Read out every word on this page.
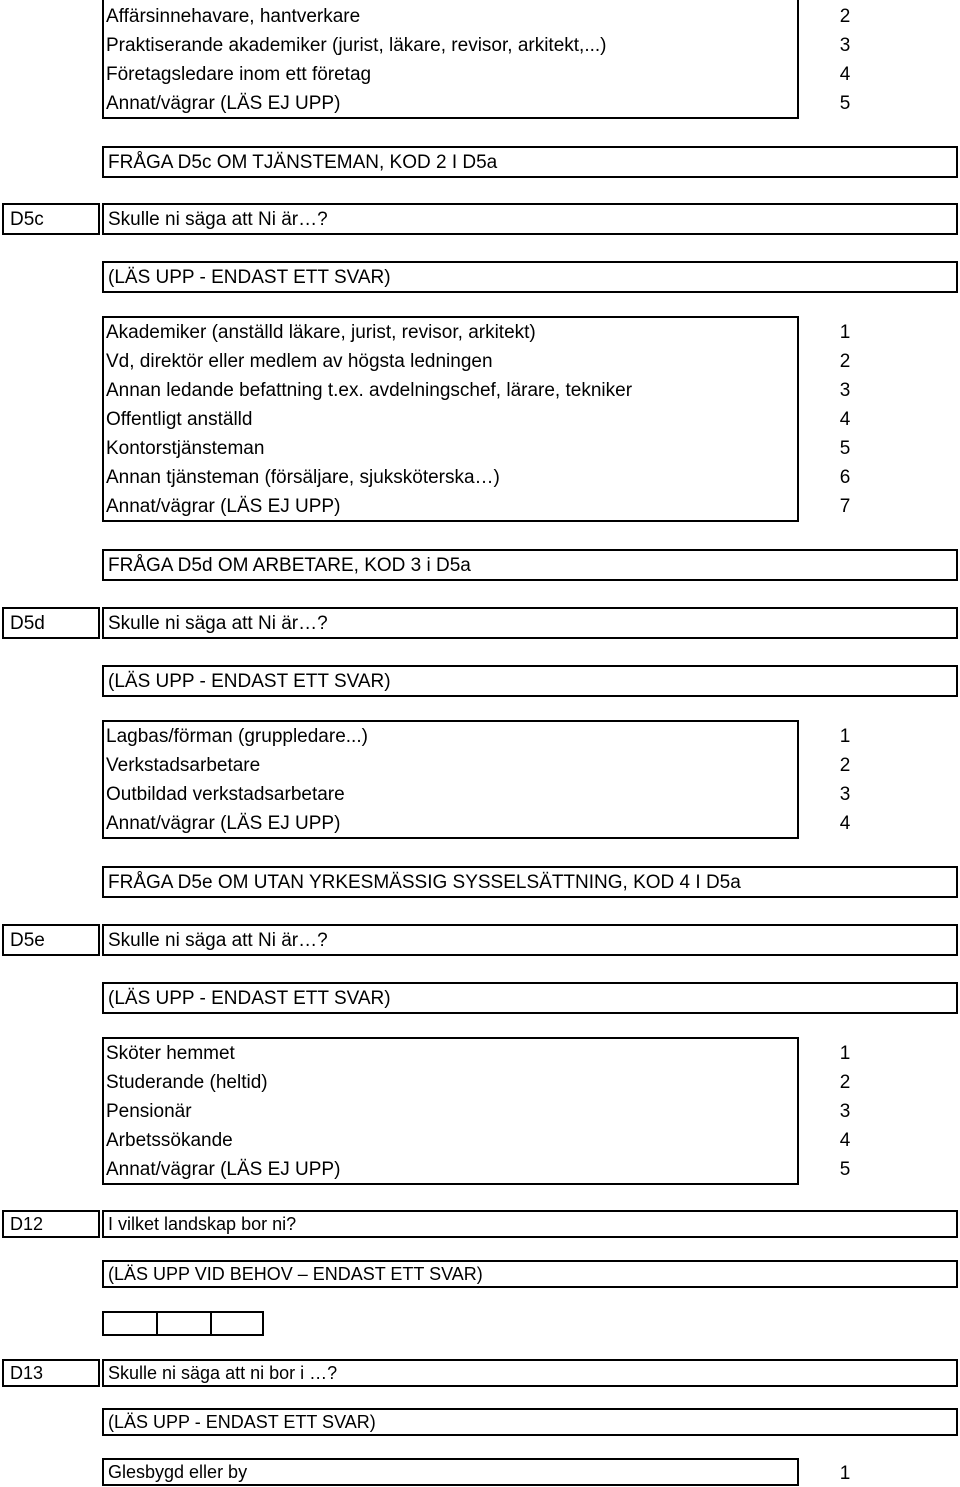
Affärsinnehavare, hantverkare	2
Praktiserande akademiker (jurist, läkare, revisor, arkitekt,...)	3
Företagsledare inom ett företag	4
Annat/vägrar (LÄS EJ UPP)	5
FRÅGA D5c OM TJÄNSTEMAN, KOD 2 I D5a
D5c	Skulle ni säga att Ni är…?
(LÄS UPP - ENDAST ETT SVAR)
Akademiker (anställd läkare, jurist, revisor, arkitekt)	1
Vd, direktör eller medlem av högsta ledningen	2
Annan ledande befattning t.ex. avdelningschef, lärare, tekniker	3
Offentligt anställd	4
Kontorstjänsteman	5
Annan tjänsteman (försäljare, sjuksköterska…)	6
Annat/vägrar (LÄS EJ UPP)	7
FRÅGA D5d OM ARBETARE, KOD 3 i D5a
D5d	Skulle ni säga att Ni är…?
(LÄS UPP - ENDAST ETT SVAR)
Lagbas/förman (gruppledare...)	1
Verkstadsarbetare	2
Outbildad verkstadsarbetare	3
Annat/vägrar (LÄS EJ UPP)	4
FRÅGA D5e OM UTAN YRKESMÄSSIG SYSSELSÄTTNING, KOD 4 I D5a
D5e	Skulle ni säga att Ni är…?
(LÄS UPP - ENDAST ETT SVAR)
Sköter hemmet	1
Studerande (heltid)	2
Pensionär	3
Arbetssökande	4
Annat/vägrar (LÄS EJ UPP)	5
D12	I vilket landskap bor ni?
(LÄS UPP VID BEHOV – ENDAST ETT SVAR)
D13	Skulle ni säga att ni bor i …?
(LÄS UPP - ENDAST ETT SVAR)
Glesbygd eller by	1
